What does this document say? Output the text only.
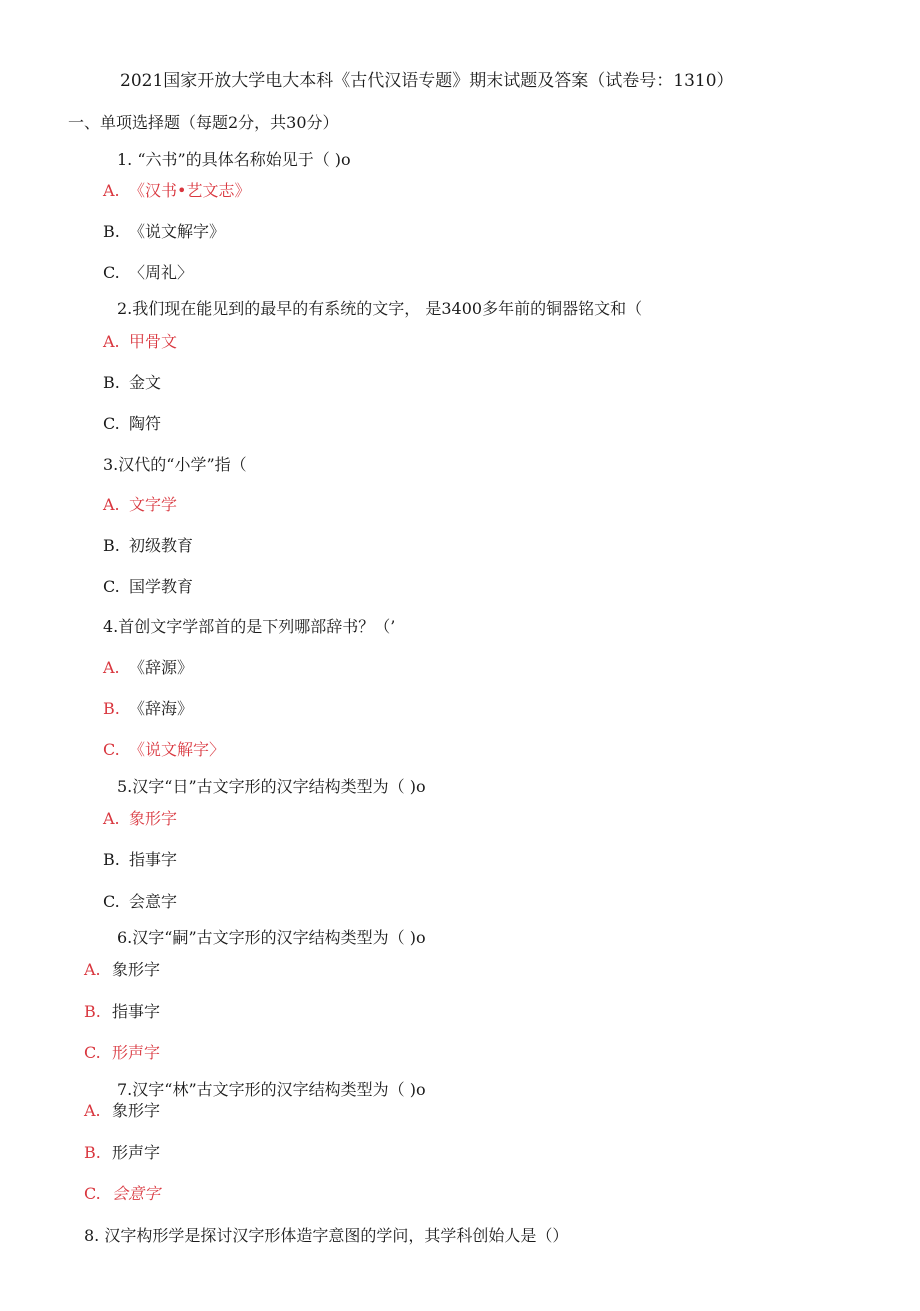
2021国家开放大学电大本科《古代汉语专题》期末试题及答案（试卷号：1310）
一、单项选择题（每题2分，共30分）
1. “六书”的具体名称始见于（ )o
A. 《汉书•艺文志》
B. 《说文解字》
C. 〈周礼〉
2.我们现在能见到的最早的有系统的文字， 是3400多年前的铜器铭文和（
A. 甲骨文
B. 金文
C. 陶符
3.汉代的“小学”指（
A. 文字学
B. 初级教育
C. 国学教育
4.首创文字学部首的是下列哪部辞书？（’
A. 《辞源》
B. 《辞海》
C. 《说文解字〉
5.汉字“日”古文字形的汉字结构类型为（ )o
A. 象形字
B. 指事字
C. 会意字
6.汉字“嗣”古文字形的汉字结构类型为（ )o
A. 象形字
B. 指事字
C. 形声字
7.汉字“林”古文字形的汉字结构类型为（ )o
A. 象形字
B. 形声字
C. 会意字
8. 汉字构形学是探讨汉字形体造字意图的学问，其学科创始人是（）
